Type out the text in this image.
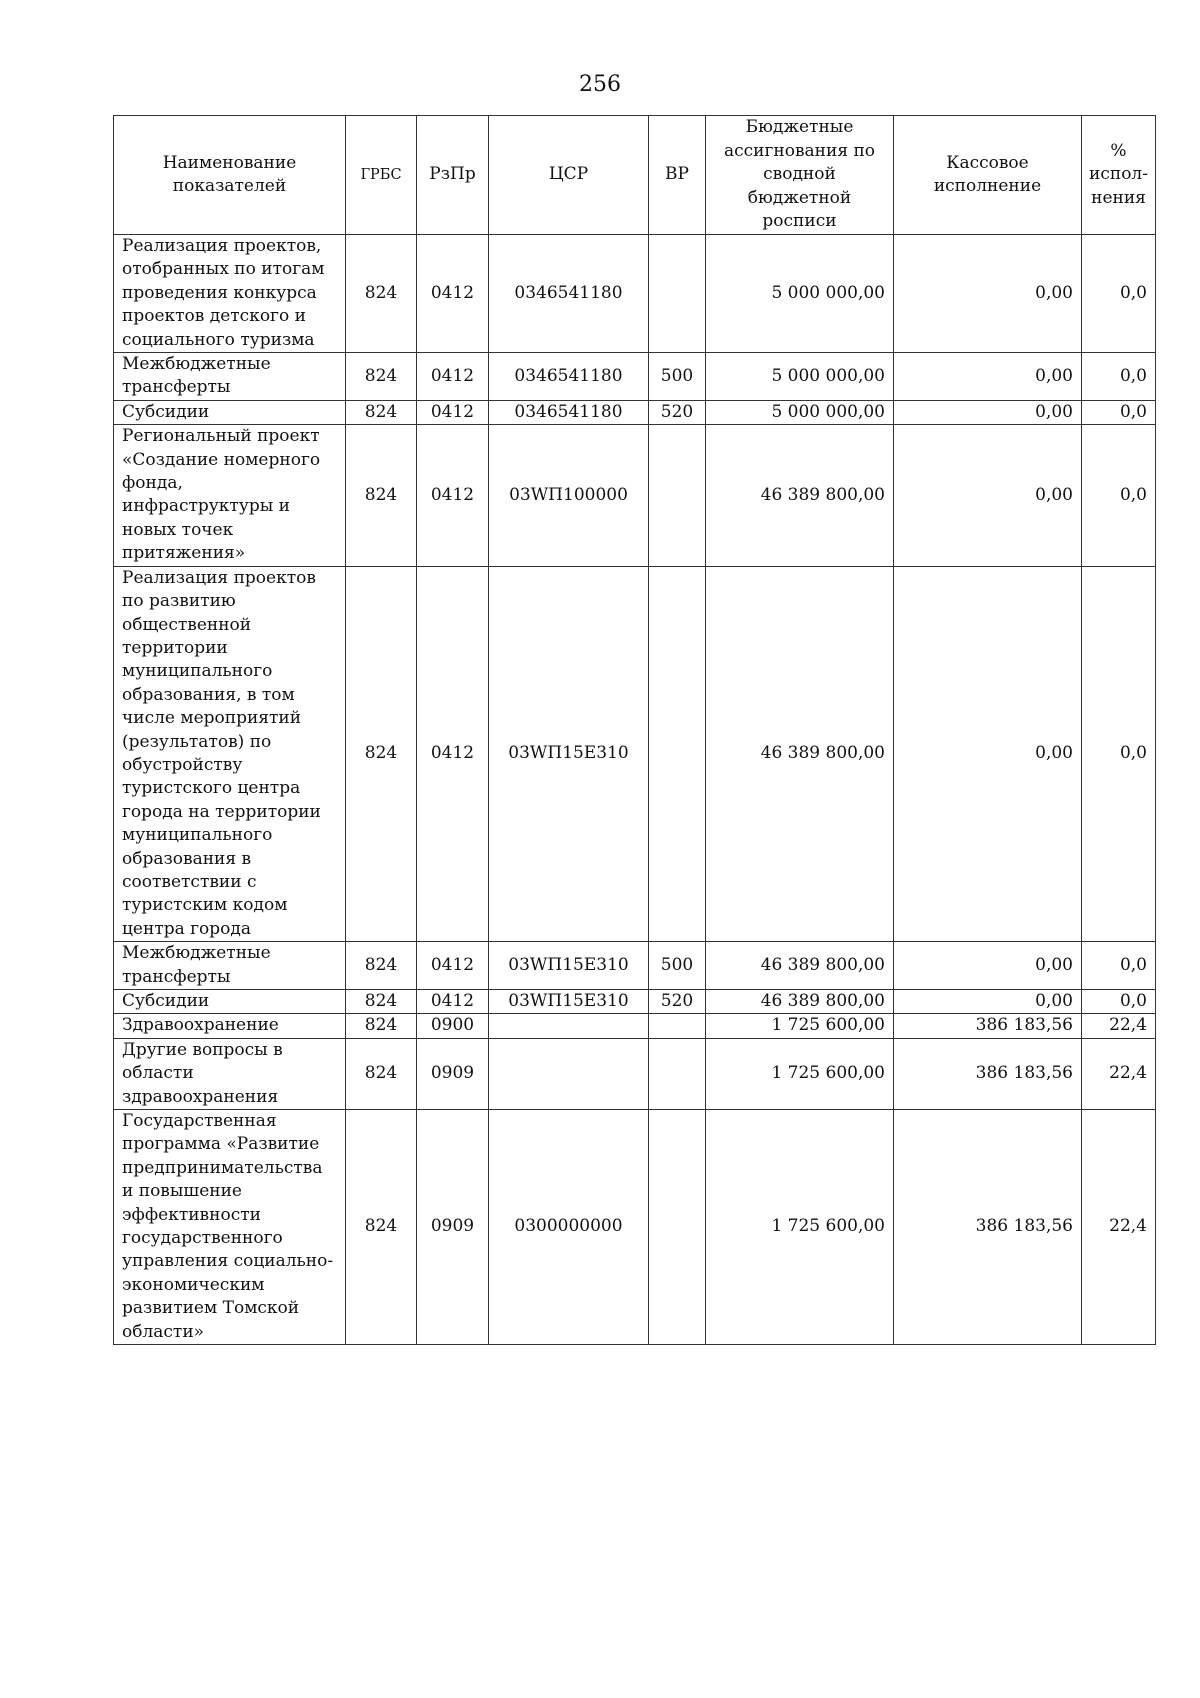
256
Наименование показателей	ГРБС	РзПр	ЦСР	ВР	Бюджетные ассигнования по сводной бюджетной росписи	Кассовое исполнение	% испол-нения
Реализация проектов, отобранных по итогам проведения конкурса проектов детского и социального туризма	824	0412	0346541180		5 000 000,00	0,00	0,0
Межбюджетные трансферты	824	0412	0346541180	500	5 000 000,00	0,00	0,0
Субсидии	824	0412	0346541180	520	5 000 000,00	0,00	0,0
Региональный проект «Создание номерного фонда, инфраструктуры и новых точек притяжения»	824	0412	03WП100000		46 389 800,00	0,00	0,0
Реализация проектов по развитию общественной территории муниципального образования, в том числе мероприятий (результатов) по обустройству туристского центра города на территории муниципального образования в соответствии с туристским кодом центра города	824	0412	03WП15Е310		46 389 800,00	0,00	0,0
Межбюджетные трансферты	824	0412	03WП15Е310	500	46 389 800,00	0,00	0,0
Субсидии	824	0412	03WП15Е310	520	46 389 800,00	0,00	0,0
Здравоохранение	824	0900			1 725 600,00	386 183,56	22,4
Другие вопросы в области здравоохранения	824	0909			1 725 600,00	386 183,56	22,4
Государственная программа «Развитие предпринимательства и повышение эффективности государственного управления социально-экономическим развитием Томской области»	824	0909	0300000000		1 725 600,00	386 183,56	22,4
